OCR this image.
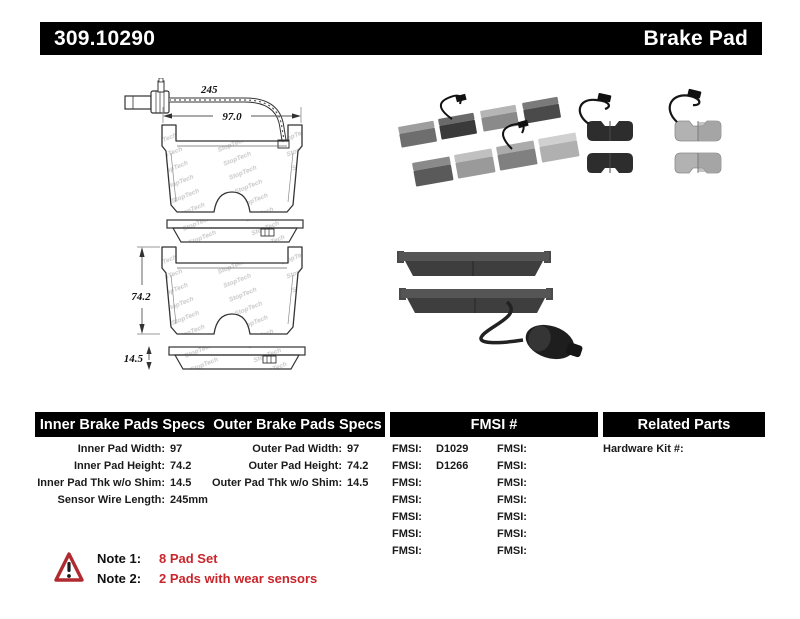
309.10290	Brake Pad
245
97.0
74.2
14.5
Inner Brake Pads Specs Outer Brake Pads Specs	FMSI #	Related Parts
Inner Pad Width: 97
Inner Pad Height: 74.2
Inner Pad Thk w/o Shim: 14.5
Sensor Wire Length: 245mm
Outer Pad Width: 97
Outer Pad Height: 74.2
Outer Pad Thk w/o Shim: 14.5
FMSI:	D1029
FMSI:	D1266
FMSI:
FMSI:
FMSI:
FMSI:
FMSI:
FMSI:
FMSI:
FMSI:
FMSI:
FMSI:
FMSI:
FMSI:
Hardware Kit #:
Note 1:	8 Pad Set
Note 2:	2 Pads with wear sensors
